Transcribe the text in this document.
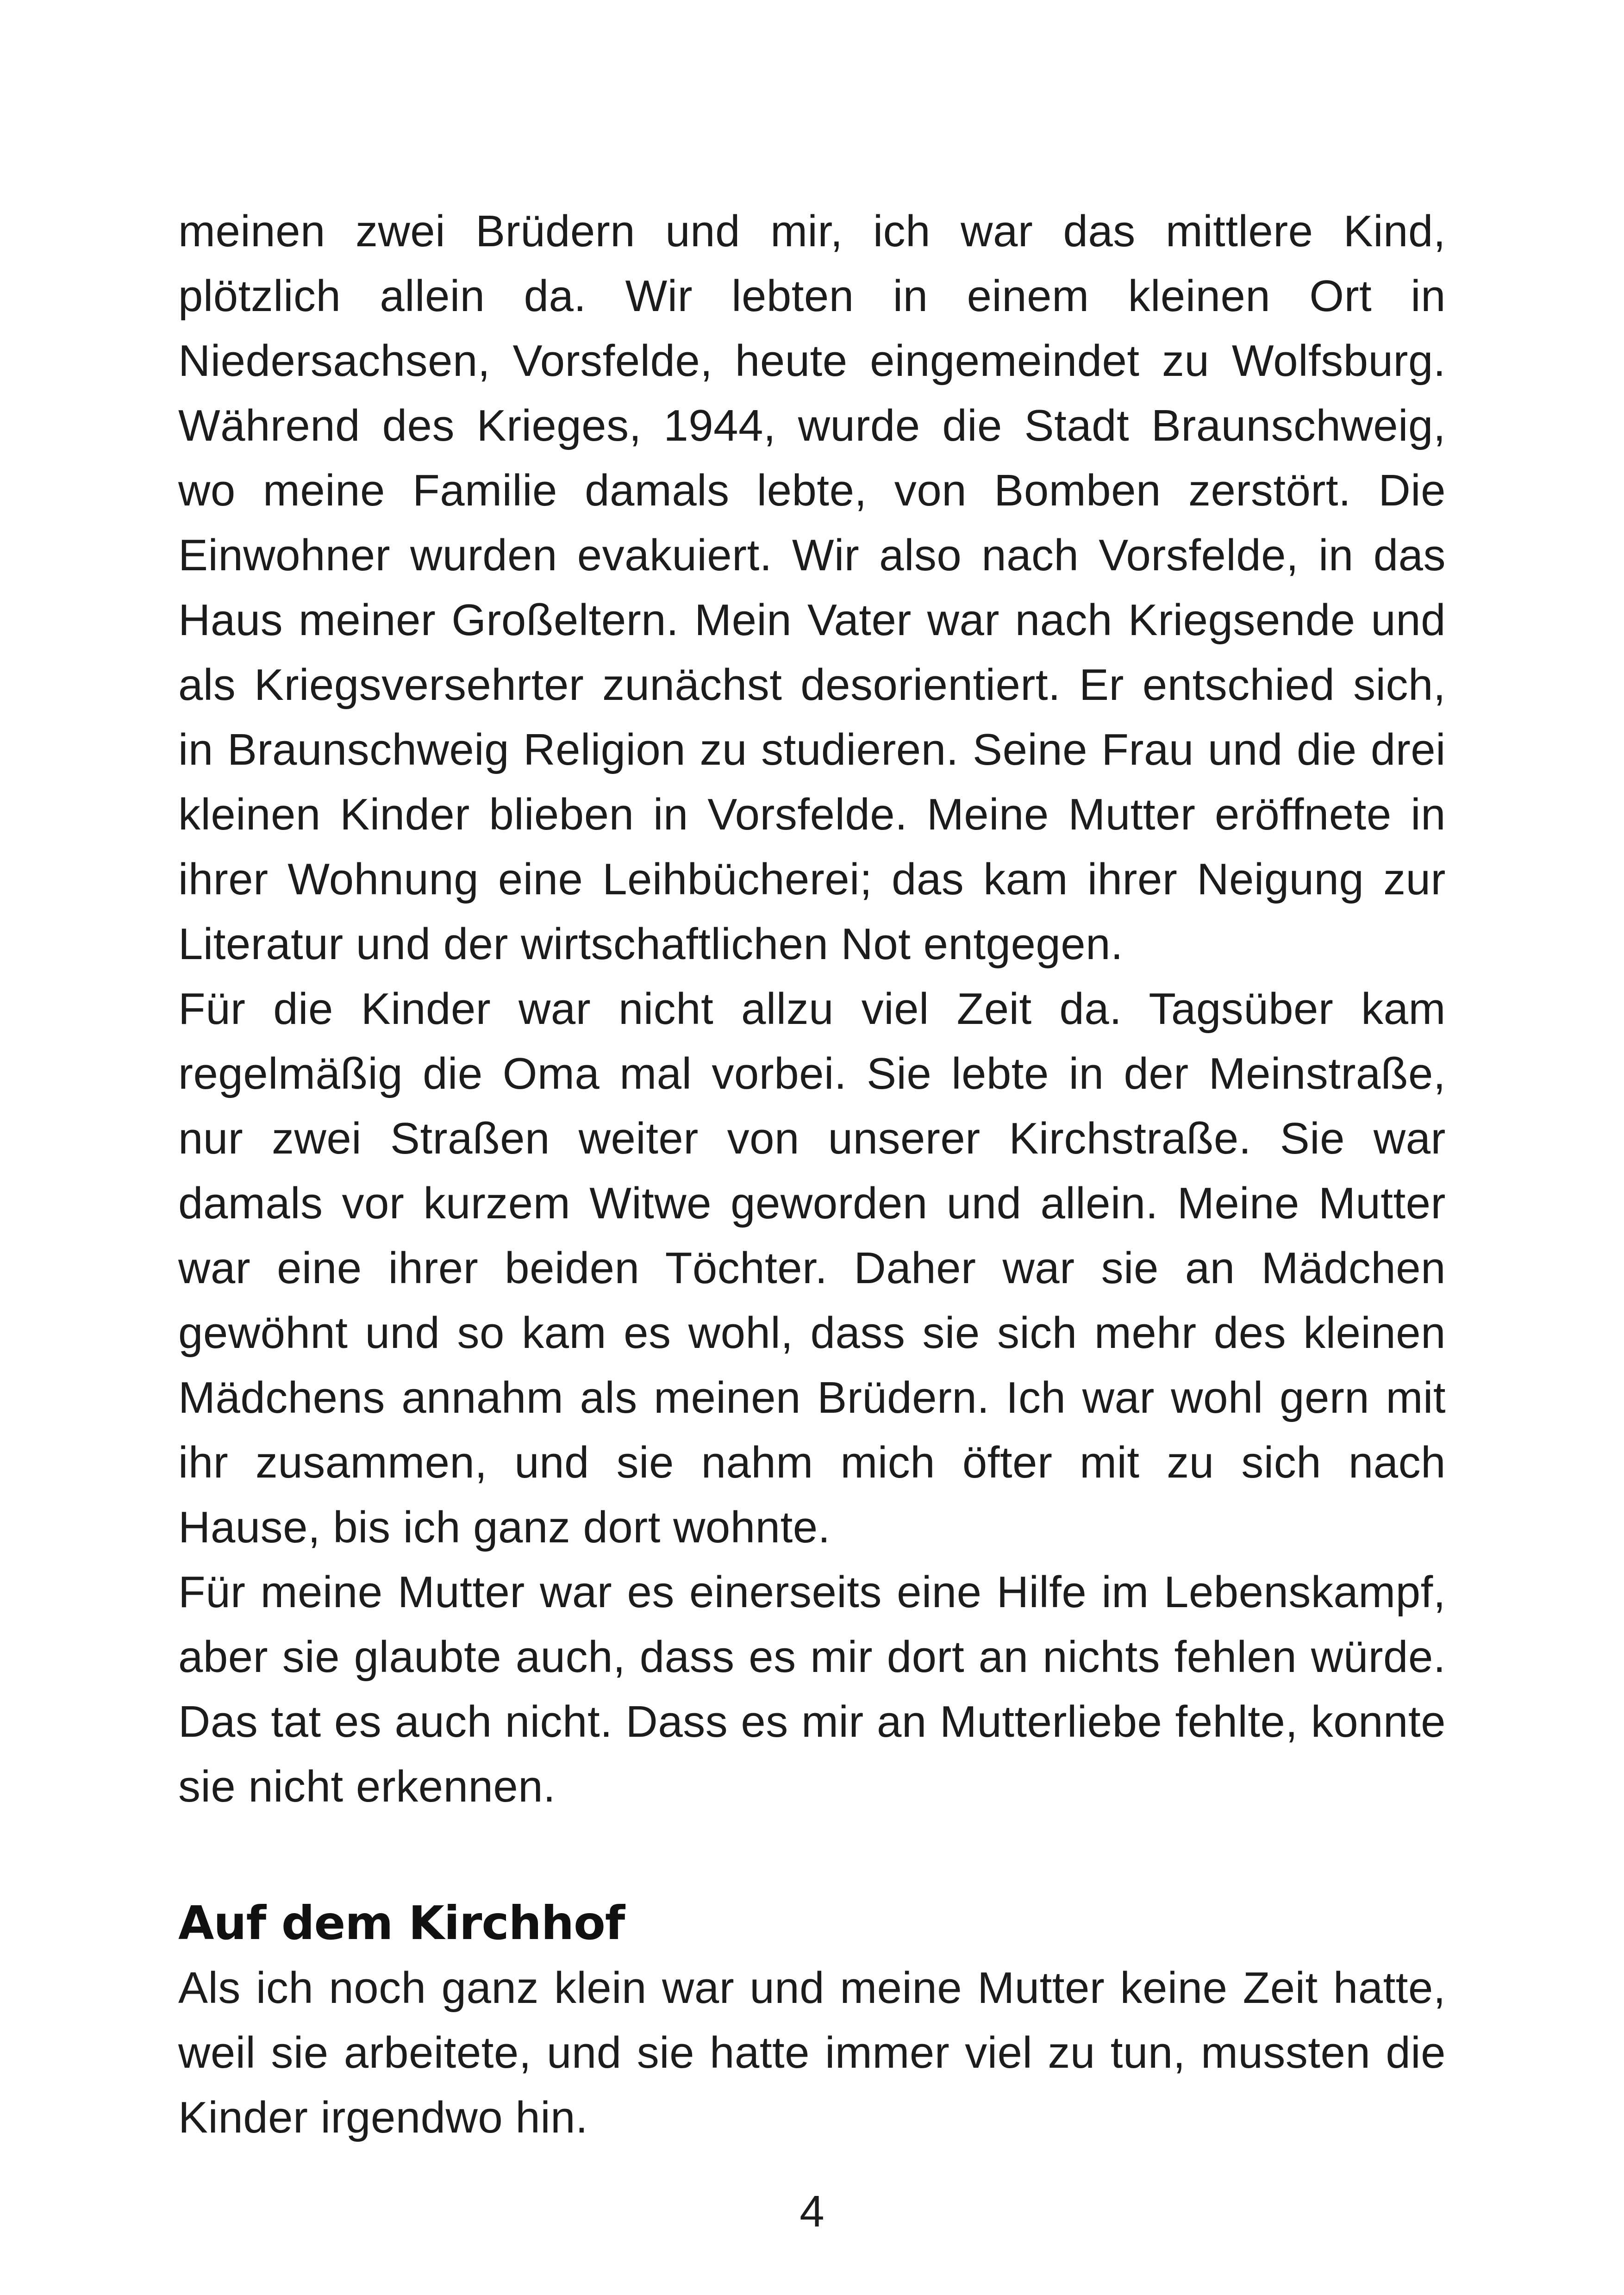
meinen zwei Brüdern und mir, ich war das mittlere Kind, plötzlich allein da. Wir lebten in einem kleinen Ort in Niedersachsen, Vorsfelde, heute eingemeindet zu Wolfsburg. Während des Krieges, 1944, wurde die Stadt Braunschweig, wo meine Familie damals lebte, von Bomben zerstört. Die Einwohner wurden evakuiert. Wir also nach Vorsfelde, in das Haus meiner Großeltern. Mein Vater war nach Kriegsende und als Kriegsversehrter zunächst desorientiert. Er entschied sich, in Braunschweig Religion zu studieren. Seine Frau und die drei kleinen Kinder blieben in Vorsfelde. Meine Mutter eröffnete in ihrer Wohnung eine Leihbücherei; das kam ihrer Neigung zur Literatur und der wirtschaftlichen Not entgegen.

Für die Kinder war nicht allzu viel Zeit da. Tagsüber kam regelmäßig die Oma mal vorbei. Sie lebte in der Meinstraße, nur zwei Straßen weiter von unserer Kirchstraße. Sie war damals vor kurzem Witwe geworden und allein. Meine Mutter war eine ihrer beiden Töchter. Daher war sie an Mädchen gewöhnt und so kam es wohl, dass sie sich mehr des kleinen Mädchens annahm als meinen Brüdern. Ich war wohl gern mit ihr zusammen, und sie nahm mich öfter mit zu sich nach Hause, bis ich ganz dort wohnte.

Für meine Mutter war es einerseits eine Hilfe im Lebenskampf, aber sie glaubte auch, dass es mir dort an nichts fehlen würde. Das tat es auch nicht. Dass es mir an Mutterliebe fehlte, konnte sie nicht erkennen.

Auf dem Kirchhof

Als ich noch ganz klein war und meine Mutter keine Zeit hatte, weil sie arbeitete, und sie hatte immer viel zu tun, mussten die Kinder irgendwo hin.

4
